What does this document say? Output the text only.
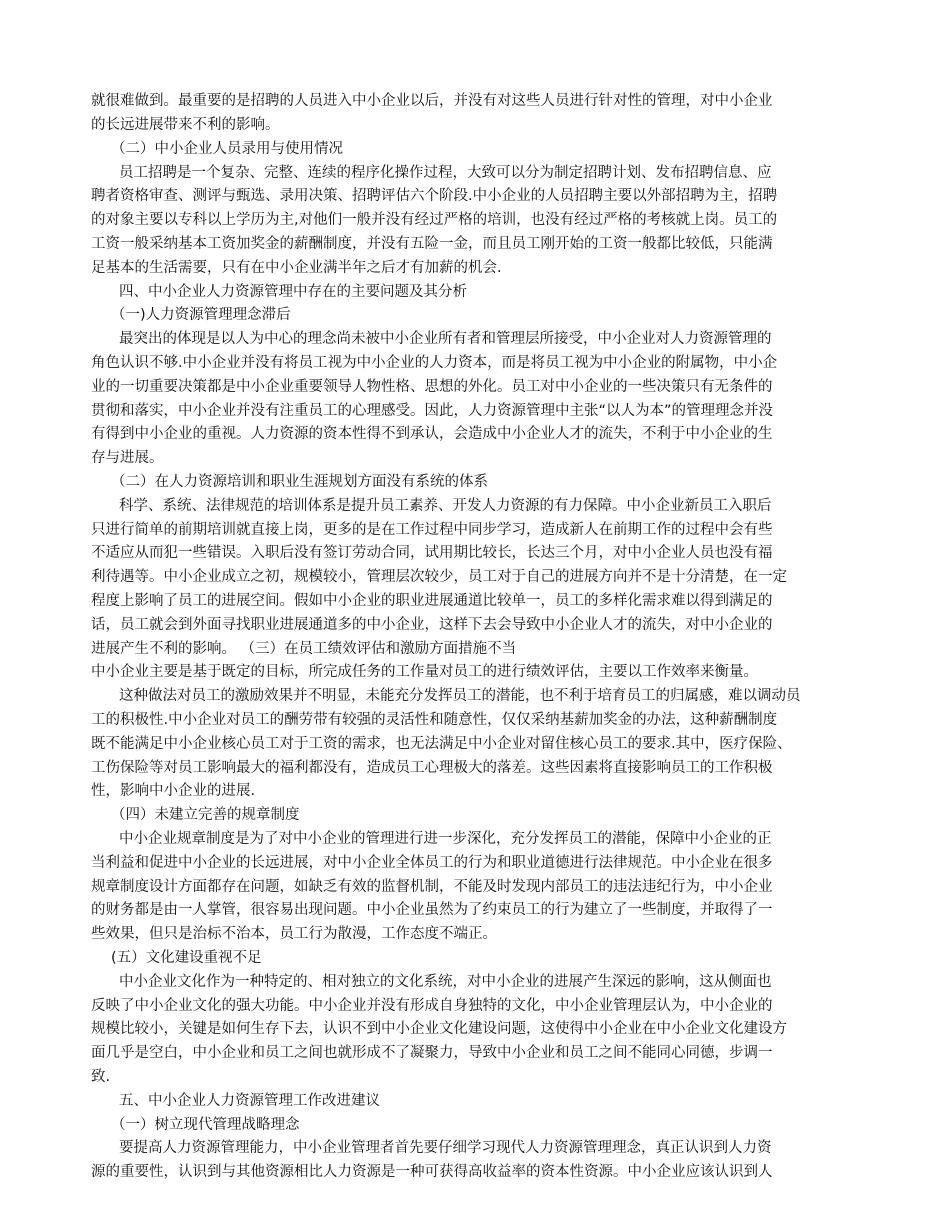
就很难做到。最重要的是招聘的人员进入中小企业以后，并没有对这些人员进行针对性的管理，对中小企业
的长远进展带来不利的影响。
（二）中小企业人员录用与使用情况
员工招聘是一个复杂、完整、连续的程序化操作过程，大致可以分为制定招聘计划、发布招聘信息、应
聘者资格审查、测评与甄选、录用决策、招聘评估六个阶段.中小企业的人员招聘主要以外部招聘为主，招聘
的对象主要以专科以上学历为主,对他们一般并没有经过严格的培训，也没有经过严格的考核就上岗。员工的
工资一般采纳基本工资加奖金的薪酬制度，并没有五险一金，而且员工刚开始的工资一般都比较低，只能满
足基本的生活需要，只有在中小企业满半年之后才有加薪的机会.
四、中小企业人力资源管理中存在的主要问题及其分析
（一)人力资源管理理念滞后
最突出的体现是以人为中心的理念尚未被中小企业所有者和管理层所接受，中小企业对人力资源管理的
角色认识不够.中小企业并没有将员工视为中小企业的人力资本，而是将员工视为中小企业的附属物，中小企
业的一切重要决策都是中小企业重要领导人物性格、思想的外化。员工对中小企业的一些决策只有无条件的
贯彻和落实，中小企业并没有注重员工的心理感受。因此，人力资源管理中主张“以人为本”的管理理念并没
有得到中小企业的重视。人力资源的资本性得不到承认，会造成中小企业人才的流失，不利于中小企业的生
存与进展。
（二）在人力资源培训和职业生涯规划方面没有系统的体系
科学、系统、法律规范的培训体系是提升员工素养、开发人力资源的有力保障。中小企业新员工入职后
只进行简单的前期培训就直接上岗，更多的是在工作过程中同步学习，造成新人在前期工作的过程中会有些
不适应从而犯一些错误。入职后没有签订劳动合同，试用期比较长，长达三个月，对中小企业人员也没有福
利待遇等。中小企业成立之初，规模较小，管理层次较少，员工对于自己的进展方向并不是十分清楚，在一定
程度上影响了员工的进展空间。假如中小企业的职业进展通道比较单一，员工的多样化需求难以得到满足的
话，员工就会到外面寻找职业进展通道多的中小企业，这样下去会导致中小企业人才的流失，对中小企业的
进展产生不利的影响。 （三）在员工绩效评估和激励方面措施不当
中小企业主要是基于既定的目标，所完成任务的工作量对员工的进行绩效评估，主要以工作效率来衡量。
这种做法对员工的激励效果并不明显，未能充分发挥员工的潜能，也不利于培育员工的归属感，难以调动员
工的积极性.中小企业对员工的酬劳带有较强的灵活性和随意性，仅仅采纳基薪加奖金的办法，这种薪酬制度
既不能满足中小企业核心员工对于工资的需求，也无法满足中小企业对留住核心员工的要求.其中，医疗保险、
工伤保险等对员工影响最大的福利都没有，造成员工心理极大的落差。这些因素将直接影响员工的工作积极
性，影响中小企业的进展.
（四）未建立完善的规章制度
中小企业规章制度是为了对中小企业的管理进行进一步深化，充分发挥员工的潜能，保障中小企业的正
当利益和促进中小企业的长远进展，对中小企业全体员工的行为和职业道德进行法律规范。中小企业在很多
规章制度设计方面都存在问题，如缺乏有效的监督机制，不能及时发现内部员工的违法违纪行为，中小企业
的财务都是由一人掌管，很容易出现问题。中小企业虽然为了约束员工的行为建立了一些制度，并取得了一
些效果，但只是治标不治本，员工行为散漫，工作态度不端正。
(五）文化建设重视不足
中小企业文化作为一种特定的、相对独立的文化系统，对中小企业的进展产生深远的影响，这从侧面也
反映了中小企业文化的强大功能。中小企业并没有形成自身独特的文化，中小企业管理层认为，中小企业的
规模比较小，关键是如何生存下去，认识不到中小企业文化建设问题，这使得中小企业在中小企业文化建设方
面几乎是空白，中小企业和员工之间也就形成不了凝聚力，导致中小企业和员工之间不能同心同德，步调一
致.
五、中小企业人力资源管理工作改进建议
（一）树立现代管理战略理念
要提高人力资源管理能力，中小企业管理者首先要仔细学习现代人力资源管理理念，真正认识到人力资
源的重要性，认识到与其他资源相比人力资源是一种可获得高收益率的资本性资源。中小企业应该认识到人
